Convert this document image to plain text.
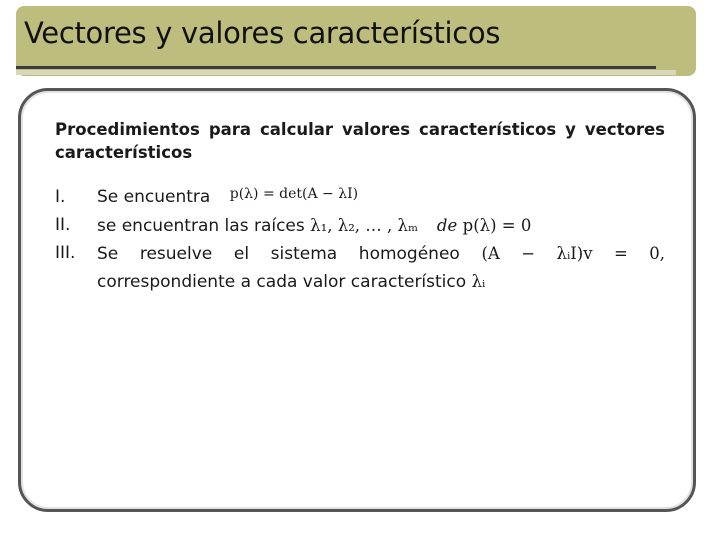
Vectores y valores característicos

Procedimientos para calcular valores característicos y vectores característicos

I.	Se encuentra $^{p(\lambda) = det(A - \lambda I)}$
II.	se encuentran las raíces λ₁, λ₂, … , λₘ de p(λ) = 0
III.	Se resuelve el sistema homogéneo (A − λᵢI)v = 0,
correspondiente a cada valor característico λᵢ
